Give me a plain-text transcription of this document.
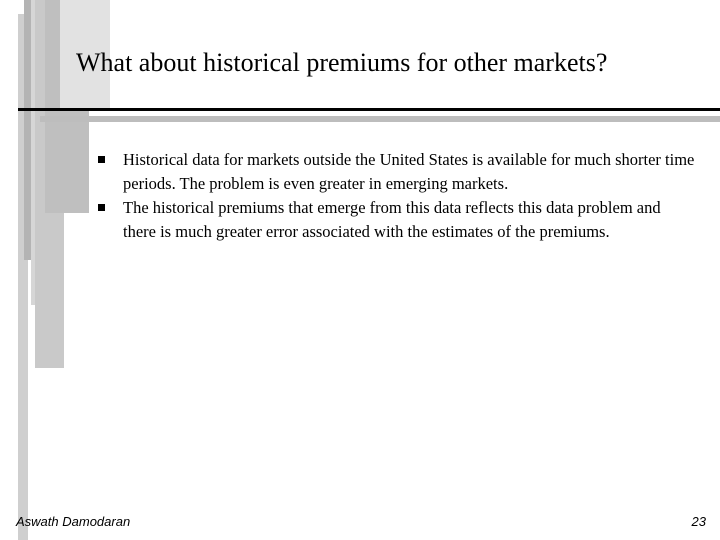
What about historical premiums for other markets?
Historical data for markets outside the United States is available for much shorter time periods. The problem is even greater in emerging markets.
The historical premiums that emerge from this data reflects this data problem and there is much greater error associated with the estimates of the premiums.
Aswath Damodaran	23
